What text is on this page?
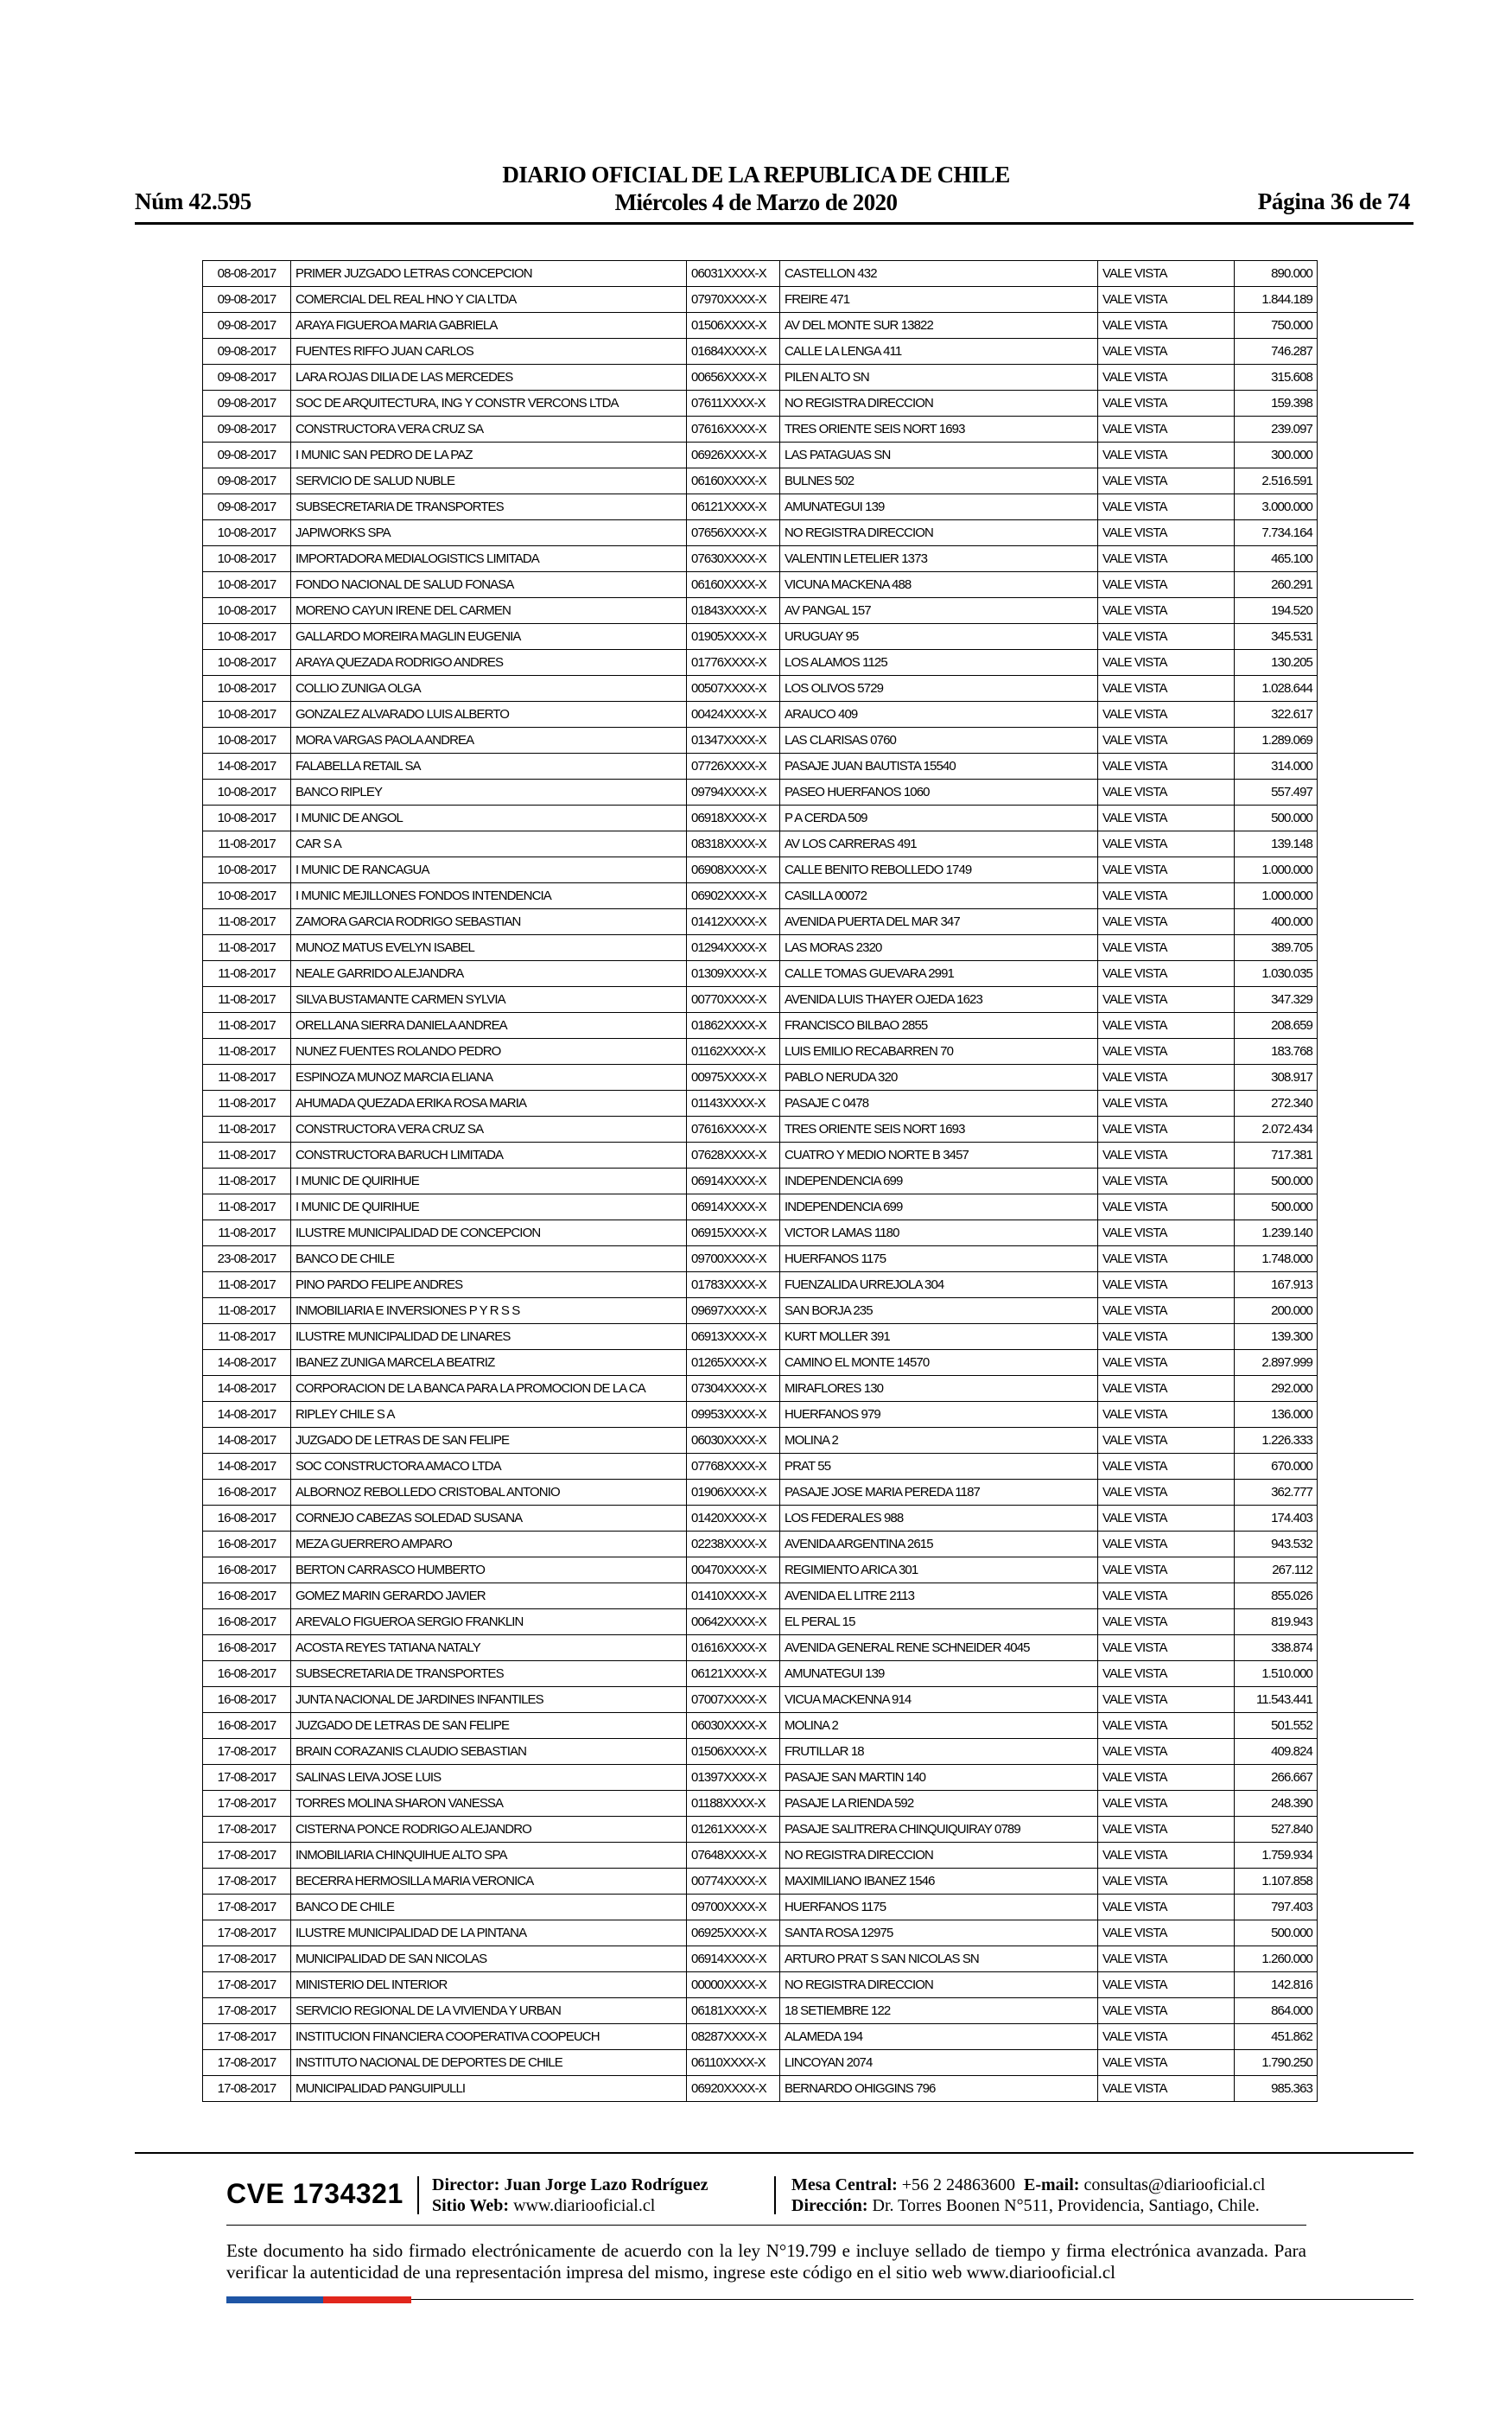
DIARIO OFICIAL DE LA REPUBLICA DE CHILE
Miércoles 4 de Marzo de 2020
Núm 42.595	Página 36 de 74
08-08-2017	PRIMER JUZGADO LETRAS CONCEPCION	06031XXXX-X	CASTELLON 432	VALE VISTA	890.000
09-08-2017	COMERCIAL DEL REAL HNO Y CIA LTDA	07970XXXX-X	FREIRE 471	VALE VISTA	1.844.189
09-08-2017	ARAYA FIGUEROA MARIA GABRIELA	01506XXXX-X	AV DEL MONTE SUR 13822	VALE VISTA	750.000
09-08-2017	FUENTES RIFFO JUAN CARLOS	01684XXXX-X	CALLE LA LENGA 411	VALE VISTA	746.287
09-08-2017	LARA ROJAS DILIA DE LAS MERCEDES	00656XXXX-X	PILEN ALTO SN	VALE VISTA	315.608
09-08-2017	SOC DE ARQUITECTURA, ING Y CONSTR VERCONS LTDA	07611XXXX-X	NO REGISTRA DIRECCION	VALE VISTA	159.398
09-08-2017	CONSTRUCTORA VERA CRUZ SA	07616XXXX-X	TRES ORIENTE SEIS NORT 1693	VALE VISTA	239.097
09-08-2017	I MUNIC SAN PEDRO DE LA PAZ	06926XXXX-X	LAS PATAGUAS SN	VALE VISTA	300.000
09-08-2017	SERVICIO DE SALUD NUBLE	06160XXXX-X	BULNES 502	VALE VISTA	2.516.591
09-08-2017	SUBSECRETARIA DE TRANSPORTES	06121XXXX-X	AMUNATEGUI 139	VALE VISTA	3.000.000
10-08-2017	JAPIWORKS SPA	07656XXXX-X	NO REGISTRA DIRECCION	VALE VISTA	7.734.164
10-08-2017	IMPORTADORA MEDIALOGISTICS LIMITADA	07630XXXX-X	VALENTIN LETELIER 1373	VALE VISTA	465.100
10-08-2017	FONDO NACIONAL DE SALUD FONASA	06160XXXX-X	VICUNA MACKENA 488	VALE VISTA	260.291
10-08-2017	MORENO CAYUN IRENE DEL CARMEN	01843XXXX-X	AV PANGAL 157	VALE VISTA	194.520
10-08-2017	GALLARDO MOREIRA MAGLIN EUGENIA	01905XXXX-X	URUGUAY 95	VALE VISTA	345.531
10-08-2017	ARAYA QUEZADA RODRIGO ANDRES	01776XXXX-X	LOS ALAMOS 1125	VALE VISTA	130.205
10-08-2017	COLLIO ZUNIGA OLGA	00507XXXX-X	LOS OLIVOS 5729	VALE VISTA	1.028.644
10-08-2017	GONZALEZ ALVARADO LUIS ALBERTO	00424XXXX-X	ARAUCO 409	VALE VISTA	322.617
10-08-2017	MORA VARGAS PAOLA ANDREA	01347XXXX-X	LAS CLARISAS 0760	VALE VISTA	1.289.069
14-08-2017	FALABELLA RETAIL SA	07726XXXX-X	PASAJE JUAN BAUTISTA 15540	VALE VISTA	314.000
10-08-2017	BANCO RIPLEY	09794XXXX-X	PASEO HUERFANOS 1060	VALE VISTA	557.497
10-08-2017	I MUNIC DE ANGOL	06918XXXX-X	P A CERDA 509	VALE VISTA	500.000
11-08-2017	CAR S A	08318XXXX-X	AV LOS CARRERAS 491	VALE VISTA	139.148
10-08-2017	I MUNIC DE RANCAGUA	06908XXXX-X	CALLE BENITO REBOLLEDO 1749	VALE VISTA	1.000.000
10-08-2017	I MUNIC MEJILLONES FONDOS INTENDENCIA	06902XXXX-X	CASILLA 00072	VALE VISTA	1.000.000
11-08-2017	ZAMORA GARCIA RODRIGO SEBASTIAN	01412XXXX-X	AVENIDA PUERTA DEL MAR 347	VALE VISTA	400.000
11-08-2017	MUNOZ MATUS EVELYN ISABEL	01294XXXX-X	LAS MORAS 2320	VALE VISTA	389.705
11-08-2017	NEALE GARRIDO ALEJANDRA	01309XXXX-X	CALLE TOMAS GUEVARA 2991	VALE VISTA	1.030.035
11-08-2017	SILVA BUSTAMANTE CARMEN SYLVIA	00770XXXX-X	AVENIDA LUIS THAYER OJEDA 1623	VALE VISTA	347.329
11-08-2017	ORELLANA SIERRA DANIELA ANDREA	01862XXXX-X	FRANCISCO BILBAO 2855	VALE VISTA	208.659
11-08-2017	NUNEZ FUENTES ROLANDO PEDRO	01162XXXX-X	LUIS EMILIO RECABARREN 70	VALE VISTA	183.768
11-08-2017	ESPINOZA MUNOZ MARCIA ELIANA	00975XXXX-X	PABLO NERUDA 320	VALE VISTA	308.917
11-08-2017	AHUMADA QUEZADA ERIKA ROSA MARIA	01143XXXX-X	PASAJE C 0478	VALE VISTA	272.340
11-08-2017	CONSTRUCTORA VERA CRUZ SA	07616XXXX-X	TRES ORIENTE SEIS NORT 1693	VALE VISTA	2.072.434
11-08-2017	CONSTRUCTORA BARUCH LIMITADA	07628XXXX-X	CUATRO Y MEDIO NORTE B 3457	VALE VISTA	717.381
11-08-2017	I MUNIC DE QUIRIHUE	06914XXXX-X	INDEPENDENCIA 699	VALE VISTA	500.000
11-08-2017	I MUNIC DE QUIRIHUE	06914XXXX-X	INDEPENDENCIA 699	VALE VISTA	500.000
11-08-2017	ILUSTRE MUNICIPALIDAD DE CONCEPCION	06915XXXX-X	VICTOR LAMAS 1180	VALE VISTA	1.239.140
23-08-2017	BANCO DE CHILE	09700XXXX-X	HUERFANOS 1175	VALE VISTA	1.748.000
11-08-2017	PINO PARDO FELIPE ANDRES	01783XXXX-X	FUENZALIDA URREJOLA 304	VALE VISTA	167.913
11-08-2017	INMOBILIARIA E INVERSIONES P Y R S S	09697XXXX-X	SAN BORJA 235	VALE VISTA	200.000
11-08-2017	ILUSTRE MUNICIPALIDAD DE LINARES	06913XXXX-X	KURT MOLLER 391	VALE VISTA	139.300
14-08-2017	IBANEZ ZUNIGA MARCELA BEATRIZ	01265XXXX-X	CAMINO EL MONTE 14570	VALE VISTA	2.897.999
14-08-2017	CORPORACION DE LA BANCA PARA LA PROMOCION DE LA CA	07304XXXX-X	MIRAFLORES 130	VALE VISTA	292.000
14-08-2017	RIPLEY CHILE S A	09953XXXX-X	HUERFANOS 979	VALE VISTA	136.000
14-08-2017	JUZGADO DE LETRAS DE SAN FELIPE	06030XXXX-X	MOLINA 2	VALE VISTA	1.226.333
14-08-2017	SOC CONSTRUCTORA AMACO LTDA	07768XXXX-X	PRAT 55	VALE VISTA	670.000
16-08-2017	ALBORNOZ REBOLLEDO CRISTOBAL ANTONIO	01906XXXX-X	PASAJE JOSE MARIA PEREDA 1187	VALE VISTA	362.777
16-08-2017	CORNEJO CABEZAS SOLEDAD SUSANA	01420XXXX-X	LOS FEDERALES 988	VALE VISTA	174.403
16-08-2017	MEZA GUERRERO AMPARO	02238XXXX-X	AVENIDA ARGENTINA 2615	VALE VISTA	943.532
16-08-2017	BERTON CARRASCO HUMBERTO	00470XXXX-X	REGIMIENTO ARICA 301	VALE VISTA	267.112
16-08-2017	GOMEZ MARIN GERARDO JAVIER	01410XXXX-X	AVENIDA EL LITRE 2113	VALE VISTA	855.026
16-08-2017	AREVALO FIGUEROA SERGIO FRANKLIN	00642XXXX-X	EL PERAL 15	VALE VISTA	819.943
16-08-2017	ACOSTA REYES TATIANA NATALY	01616XXXX-X	AVENIDA GENERAL RENE SCHNEIDER 4045	VALE VISTA	338.874
16-08-2017	SUBSECRETARIA DE TRANSPORTES	06121XXXX-X	AMUNATEGUI 139	VALE VISTA	1.510.000
16-08-2017	JUNTA NACIONAL DE JARDINES INFANTILES	07007XXXX-X	VICUA MACKENNA 914	VALE VISTA	11.543.441
16-08-2017	JUZGADO DE LETRAS DE SAN FELIPE	06030XXXX-X	MOLINA 2	VALE VISTA	501.552
17-08-2017	BRAIN CORAZANIS CLAUDIO SEBASTIAN	01506XXXX-X	FRUTILLAR 18	VALE VISTA	409.824
17-08-2017	SALINAS LEIVA JOSE LUIS	01397XXXX-X	PASAJE SAN MARTIN 140	VALE VISTA	266.667
17-08-2017	TORRES MOLINA SHARON VANESSA	01188XXXX-X	PASAJE LA RIENDA 592	VALE VISTA	248.390
17-08-2017	CISTERNA PONCE RODRIGO ALEJANDRO	01261XXXX-X	PASAJE SALITRERA CHINQUIQUIRAY 0789	VALE VISTA	527.840
17-08-2017	INMOBILIARIA CHINQUIHUE ALTO SPA	07648XXXX-X	NO REGISTRA DIRECCION	VALE VISTA	1.759.934
17-08-2017	BECERRA HERMOSILLA MARIA VERONICA	00774XXXX-X	MAXIMILIANO IBANEZ 1546	VALE VISTA	1.107.858
17-08-2017	BANCO DE CHILE	09700XXXX-X	HUERFANOS 1175	VALE VISTA	797.403
17-08-2017	ILUSTRE MUNICIPALIDAD DE LA PINTANA	06925XXXX-X	SANTA ROSA 12975	VALE VISTA	500.000
17-08-2017	MUNICIPALIDAD DE SAN NICOLAS	06914XXXX-X	ARTURO PRAT S SAN NICOLAS SN	VALE VISTA	1.260.000
17-08-2017	MINISTERIO DEL INTERIOR	00000XXXX-X	NO REGISTRA DIRECCION	VALE VISTA	142.816
17-08-2017	SERVICIO REGIONAL DE LA VIVIENDA Y URBAN	06181XXXX-X	18 SETIEMBRE 122	VALE VISTA	864.000
17-08-2017	INSTITUCION FINANCIERA COOPERATIVA COOPEUCH	08287XXXX-X	ALAMEDA 194	VALE VISTA	451.862
17-08-2017	INSTITUTO NACIONAL DE DEPORTES DE CHILE	06110XXXX-X	LINCOYAN 2074	VALE VISTA	1.790.250
17-08-2017	MUNICIPALIDAD PANGUIPULLI	06920XXXX-X	BERNARDO OHIGGINS 796	VALE VISTA	985.363
CVE 1734321 Director: Juan Jorge Lazo Rodríguez
Sitio Web: www.diariooficial.cl
Mesa Central: +56 2 24863600 E-mail: consultas@diariooficial.cl
Dirección: Dr. Torres Boonen N°511, Providencia, Santiago, Chile.
Este documento ha sido firmado electrónicamente de acuerdo con la ley N°19.799 e incluye sellado de tiempo y firma electrónica avanzada. Para verificar la autenticidad de una representación impresa del mismo, ingrese este código en el sitio web www.diariooficial.cl
